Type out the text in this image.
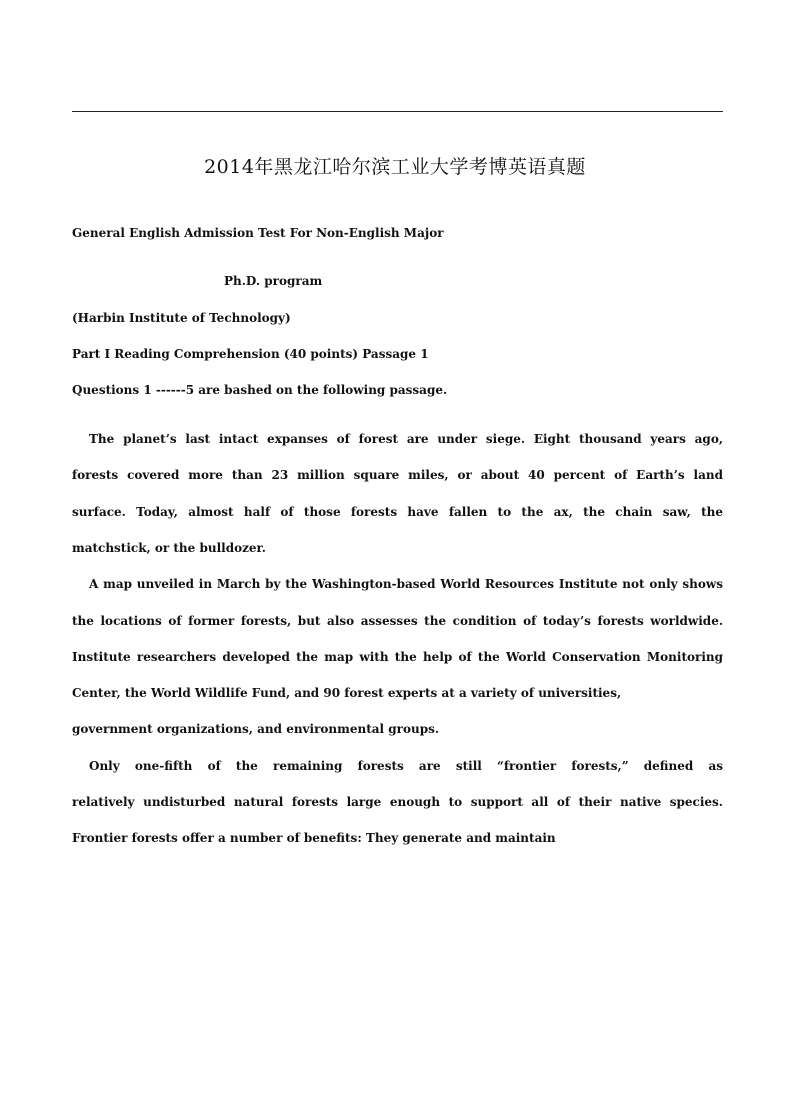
2014年黑龙江哈尔滨工业大学考博英语真题
General English Admission Test For Non-English Major
Ph.D. program
(Harbin Institute of Technology)
Part I Reading Comprehension (40 points) Passage 1
Questions 1 ------5 are bashed on the following passage.
The planet’s last intact expanses of forest are under siege. Eight thousand years ago,
forests covered more than 23 million square miles, or about 40 percent of Earth’s land
surface. Today, almost half of those forests have fallen to the ax, the chain saw, the
matchstick, or the bulldozer.
A map unveiled in March by the Washington-based World Resources Institute not only shows
the locations of former forests, but also assesses the condition of today’s forests worldwide.
Institute researchers developed the map with the help of the World Conservation Monitoring
Center, the World Wildlife Fund, and 90 forest experts at a variety of universities,
government organizations, and environmental groups.
Only one-fifth of the remaining forests are still “frontier forests,” defined as
relatively undisturbed natural forests large enough to support all of their native species.
Frontier forests offer a number of benefits: They generate and maintain
